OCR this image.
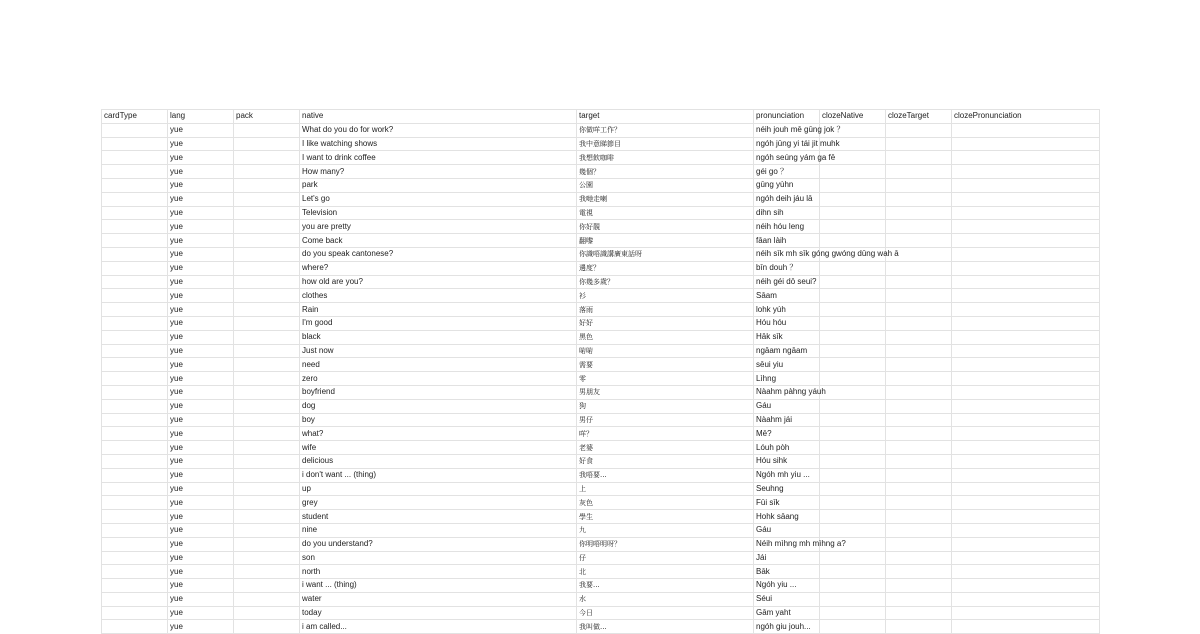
cardType	lang	pack	native	target	pronunciation	clozeNative	clozeTarget	clozePronunciation
	yue		What do you do for work?	你做咩工作？	néih jouh mē gūng jok ？			
	yue		I like watching shows	我中意睇節目	ngóh jūng yi tái jit muhk			
	yue		I want to drink coffee	我想飲咖啡	ngóh seúng yám ga fē			
	yue		How many?	幾個？	géi go ？			
	yue		park	公園	gūng yùhn			
	yue		Let's go	我哋走喇	ngóh deih jáu lā			
	yue		Television	電視	dihn sih			
	yue		you are pretty	你好靚	néih hóu leng			
	yue		Come back	翻嚟	fāan làih			
	yue		do you speak cantonese?	你識唔識講廣東話呀	néih sīk mh sīk góng gwóng dūng wah ā			
	yue		where?	邊度？	bīn douh ？			
	yue		how old are you?	你幾多歲？	néih géi dō seui?			
	yue		clothes	衫	Sāam			
	yue		Rain	落雨	lohk yúh			
	yue		I'm good	好好	Hóu hóu			
	yue		black	黑色	Hāk sīk			
	yue		Just now	啱啱	ngāam ngāam			
	yue		need	需要	sēui yiu			
	yue		zero	零	Lìhng			
	yue		boyfriend	男朋友	Nàahm pàhng yáuh			
	yue		dog	狗	Gáu			
	yue		boy	男仔	Nàahm jái			
	yue		what?	咩？	Mē?			
	yue		wife	老婆	Lóuh pòh			
	yue		delicious	好食	Hóu sihk			
	yue		i don't want ... (thing)	我唔要...	Ngóh mh yiu ...			
	yue		up	上	Seuhng			
	yue		grey	灰色	Fūi sīk			
	yue		student	學生	Hohk sāang			
	yue		nine	九	Gáu			
	yue		do you understand?	你明唔明呀？	Néih mìhng mh mìhng a?			
	yue		son	仔	Jái			
	yue		north	北	Bāk			
	yue		i want ... (thing)	我要...	Ngóh yiu ...			
	yue		water	水	Séui			
	yue		today	今日	Gām yaht			
	yue		i am called...	我叫做...	ngóh giu jouh...			
